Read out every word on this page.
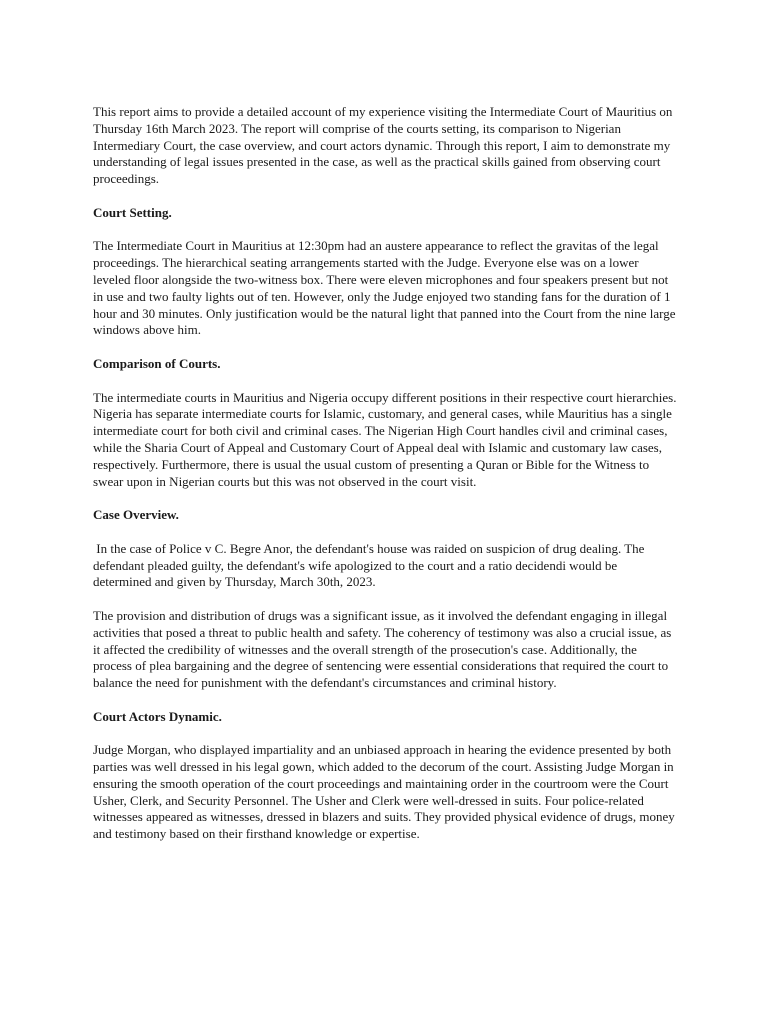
This report aims to provide a detailed account of my experience visiting the Intermediate Court of Mauritius on Thursday 16th March 2023. The report will comprise of the courts setting, its comparison to Nigerian Intermediary Court, the case overview, and court actors dynamic. Through this report, I aim to demonstrate my understanding of legal issues presented in the case, as well as the practical skills gained from observing court proceedings.

Court Setting.

The Intermediate Court in Mauritius at 12:30pm had an austere appearance to reflect the gravitas of the legal proceedings. The hierarchical seating arrangements started with the Judge. Everyone else was on a lower leveled floor alongside the two-witness box. There were eleven microphones and four speakers present but not in use and two faulty lights out of ten. However, only the Judge enjoyed two standing fans for the duration of 1 hour and 30 minutes. Only justification would be the natural light that panned into the Court from the nine large windows above him.

Comparison of Courts.

The intermediate courts in Mauritius and Nigeria occupy different positions in their respective court hierarchies. Nigeria has separate intermediate courts for Islamic, customary, and general cases, while Mauritius has a single intermediate court for both civil and criminal cases. The Nigerian High Court handles civil and criminal cases, while the Sharia Court of Appeal and Customary Court of Appeal deal with Islamic and customary law cases, respectively. Furthermore, there is usual the usual custom of presenting a Quran or Bible for the Witness to swear upon in Nigerian courts but this was not observed in the court visit.

Case Overview.

In the case of Police v C. Begre Anor, the defendant's house was raided on suspicion of drug dealing. The defendant pleaded guilty, the defendant's wife apologized to the court and a ratio decidendi would be determined and given by Thursday, March 30th, 2023.

The provision and distribution of drugs was a significant issue, as it involved the defendant engaging in illegal activities that posed a threat to public health and safety. The coherency of testimony was also a crucial issue, as it affected the credibility of witnesses and the overall strength of the prosecution's case. Additionally, the process of plea bargaining and the degree of sentencing were essential considerations that required the court to balance the need for punishment with the defendant's circumstances and criminal history.

Court Actors Dynamic.

Judge Morgan, who displayed impartiality and an unbiased approach in hearing the evidence presented by both parties was well dressed in his legal gown, which added to the decorum of the court. Assisting Judge Morgan in ensuring the smooth operation of the court proceedings and maintaining order in the courtroom were the Court Usher, Clerk, and Security Personnel. The Usher and Clerk were well-dressed in suits. Four police-related witnesses appeared as witnesses, dressed in blazers and suits. They provided physical evidence of drugs, money and testimony based on their firsthand knowledge or expertise.
